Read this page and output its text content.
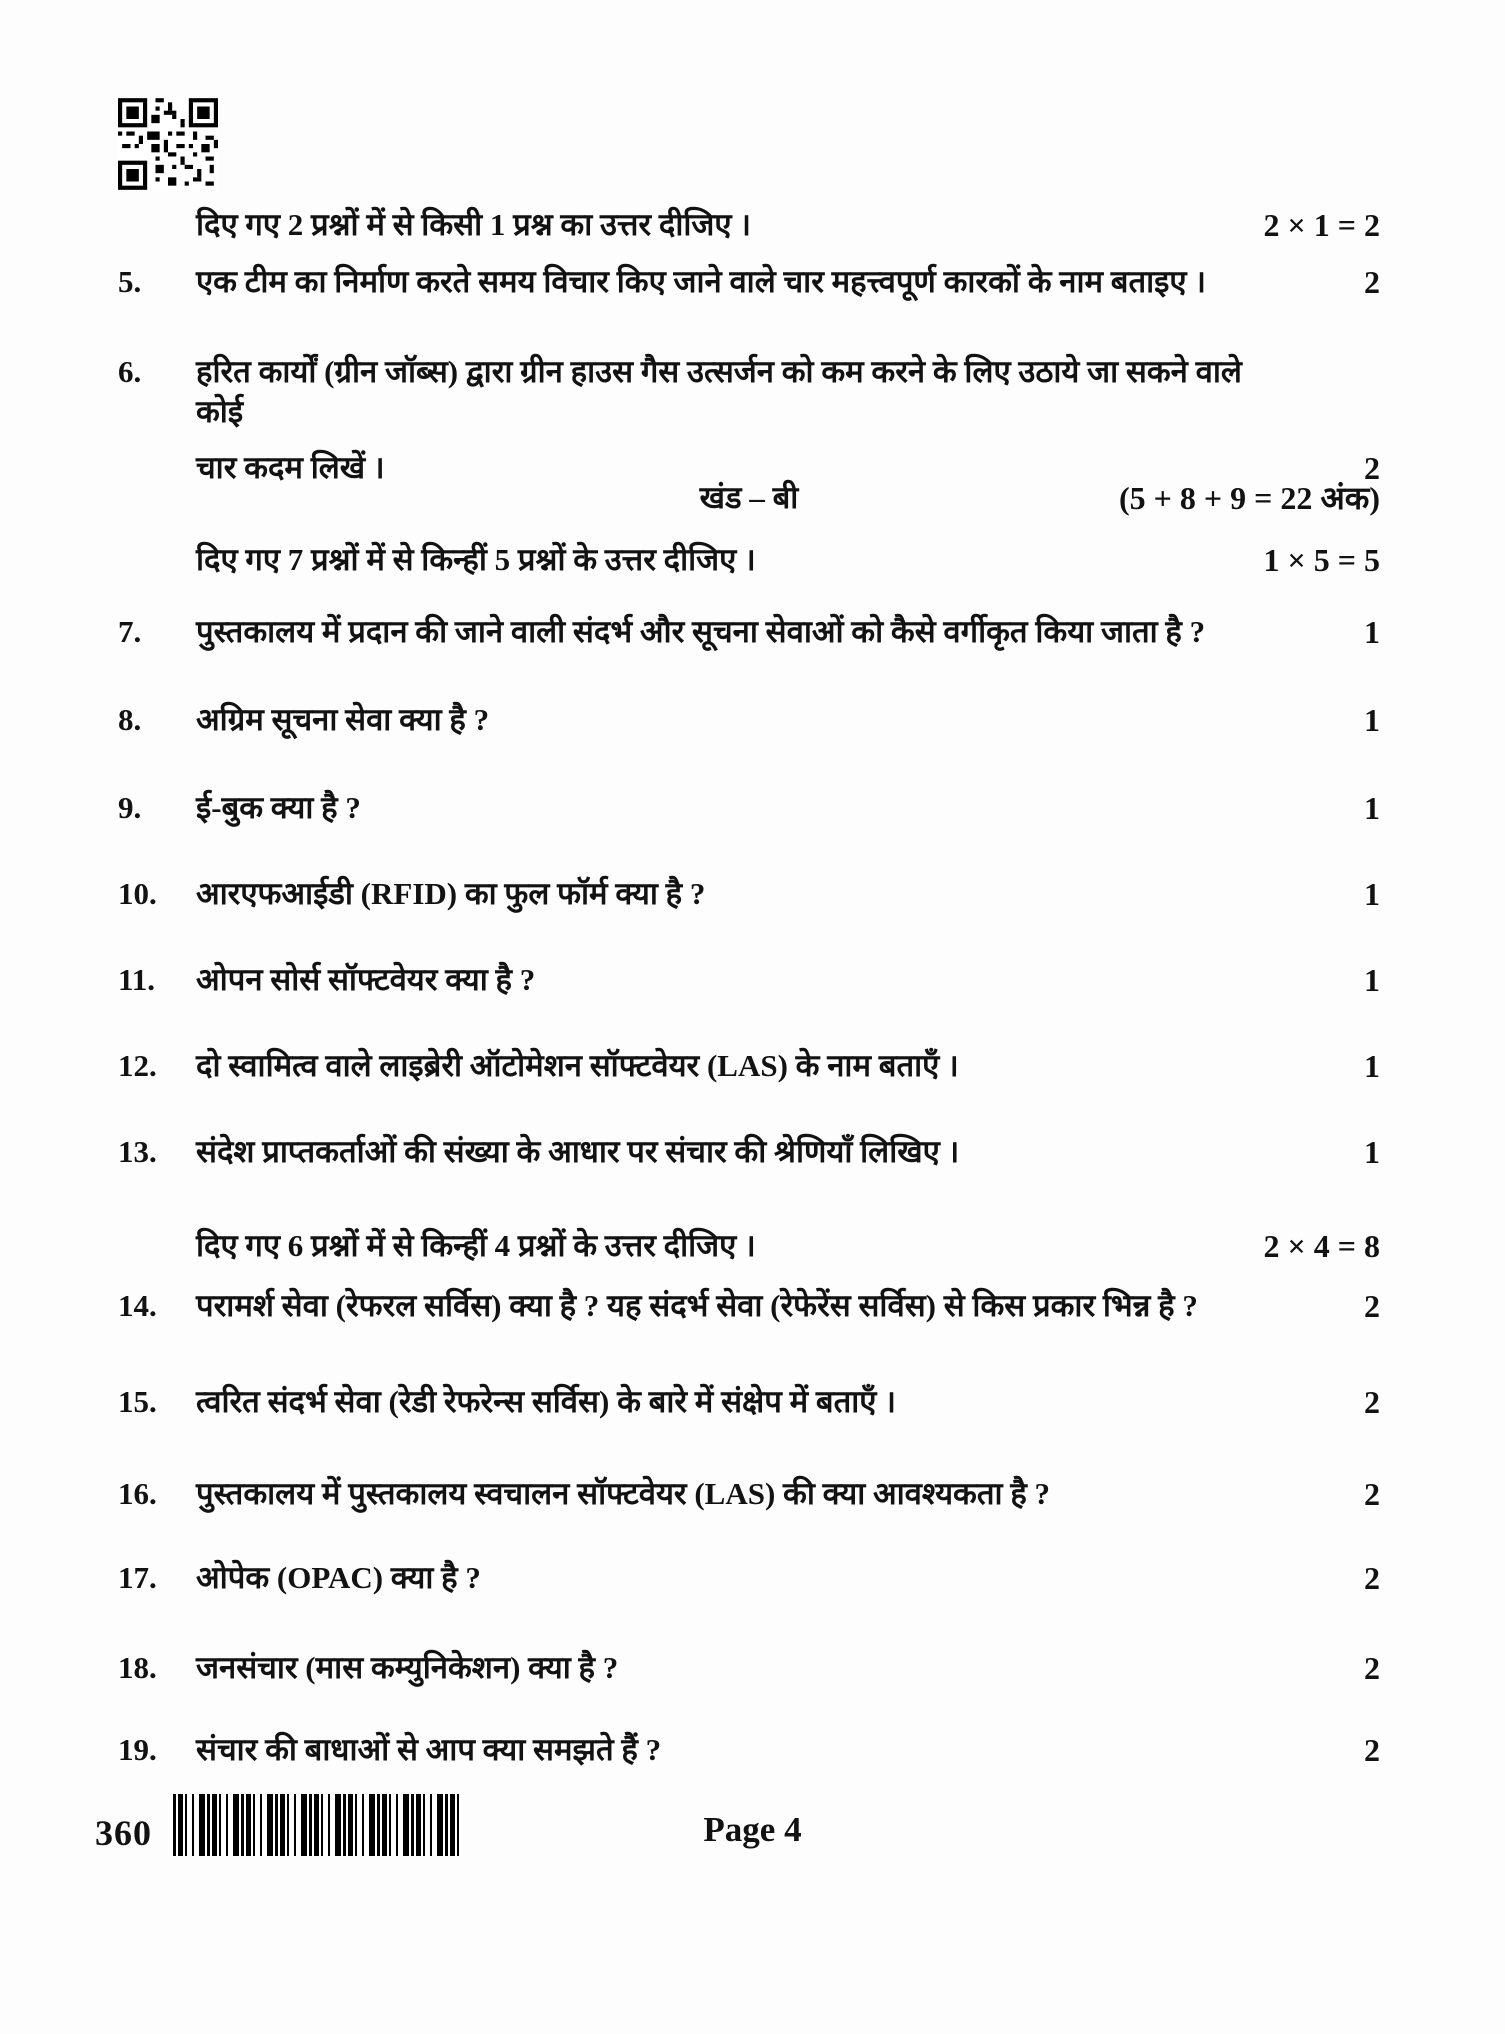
दिए गए 2 प्रश्नों में से किसी 1 प्रश्न का उत्तर दीजिए ।	2 × 1 = 2
5.	एक टीम का निर्माण करते समय विचार किए जाने वाले चार महत्त्वपूर्ण कारकों के नाम बताइए ।	2
6.	हरित कार्यों (ग्रीन जॉब्स) द्वारा ग्रीन हाउस गैस उत्सर्जन को कम करने के लिए उठाये जा सकने वाले कोई
चार कदम लिखें ।	2
खंड – बी	(5 + 8 + 9 = 22 अंक)
दिए गए 7 प्रश्नों में से किन्हीं 5 प्रश्नों के उत्तर दीजिए ।	1 × 5 = 5
7.	पुस्तकालय में प्रदान की जाने वाली संदर्भ और सूचना सेवाओं को कैसे वर्गीकृत किया जाता है ?	1
8.	अग्रिम सूचना सेवा क्या है ?	1
9.	ई-बुक क्या है ?	1
10.	आरएफआईडी (RFID) का फुल फॉर्म क्या है ?	1
11.	ओपन सोर्स सॉफ्टवेयर क्या है ?	1
12.	दो स्वामित्व वाले लाइब्रेरी ऑटोमेशन सॉफ्टवेयर (LAS) के नाम बताएँ ।	1
13.	संदेश प्राप्तकर्ताओं की संख्या के आधार पर संचार की श्रेणियाँ लिखिए ।	1
दिए गए 6 प्रश्नों में से किन्हीं 4 प्रश्नों के उत्तर दीजिए ।	2 × 4 = 8
14.	परामर्श सेवा (रेफरल सर्विस) क्या है ? यह संदर्भ सेवा (रेफेरेंस सर्विस) से किस प्रकार भिन्न है ?	2
15.	त्वरित संदर्भ सेवा (रेडी रेफरेन्स सर्विस) के बारे में संक्षेप में बताएँ ।	2
16.	पुस्तकालय में पुस्तकालय स्वचालन सॉफ्टवेयर (LAS) की क्या आवश्यकता है ?	2
17.	ओपेक (OPAC) क्या है ?	2
18.	जनसंचार (मास कम्युनिकेशन) क्या है ?	2
19.	संचार की बाधाओं से आप क्या समझते हैं ?	2
360	Page 4
